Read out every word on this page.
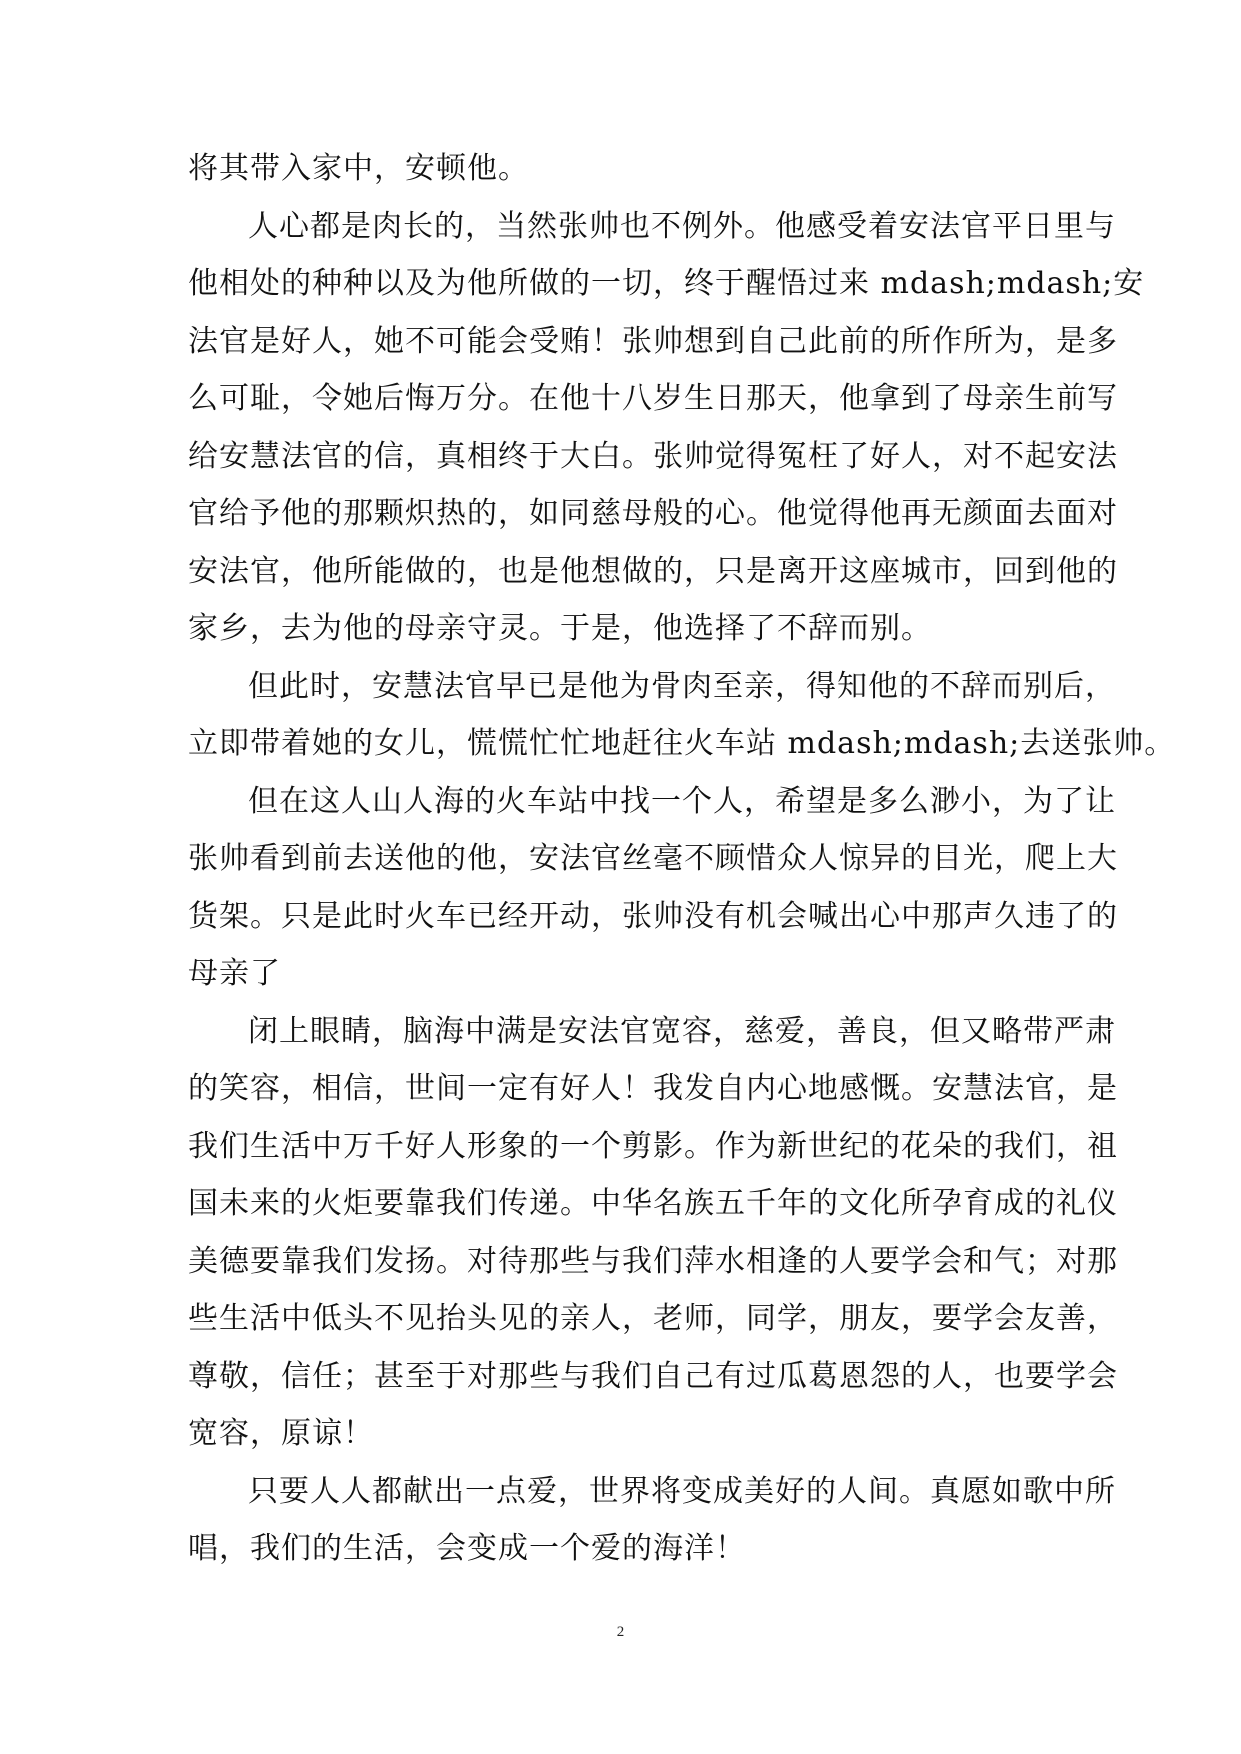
将其带入家中，安顿他。
人心都是肉长的，当然张帅也不例外。他感受着安法官平日里与
他相处的种种以及为他所做的一切，终于醒悟过来 mdash;mdash;安
法官是好人，她不可能会受贿！张帅想到自己此前的所作所为，是多
么可耻，令她后悔万分。在他十八岁生日那天，他拿到了母亲生前写
给安慧法官的信，真相终于大白。张帅觉得冤枉了好人，对不起安法
官给予他的那颗炽热的，如同慈母般的心。他觉得他再无颜面去面对
安法官，他所能做的，也是他想做的，只是离开这座城市，回到他的
家乡，去为他的母亲守灵。于是，他选择了不辞而别。
但此时，安慧法官早已是他为骨肉至亲，得知他的不辞而别后，
立即带着她的女儿，慌慌忙忙地赶往火车站 mdash;mdash;去送张帅。
但在这人山人海的火车站中找一个人，希望是多么渺小，为了让
张帅看到前去送他的他，安法官丝毫不顾惜众人惊异的目光，爬上大
货架。只是此时火车已经开动，张帅没有机会喊出心中那声久违了的
母亲了
闭上眼睛，脑海中满是安法官宽容，慈爱，善良，但又略带严肃
的笑容，相信，世间一定有好人！我发自内心地感慨。安慧法官，是
我们生活中万千好人形象的一个剪影。作为新世纪的花朵的我们，祖
国未来的火炬要靠我们传递。中华名族五千年的文化所孕育成的礼仪
美德要靠我们发扬。对待那些与我们萍水相逢的人要学会和气；对那
些生活中低头不见抬头见的亲人，老师，同学，朋友，要学会友善，
尊敬，信任；甚至于对那些与我们自己有过瓜葛恩怨的人，也要学会
宽容，原谅！
只要人人都献出一点爱，世界将变成美好的人间。真愿如歌中所
唱，我们的生活，会变成一个爱的海洋！
2
